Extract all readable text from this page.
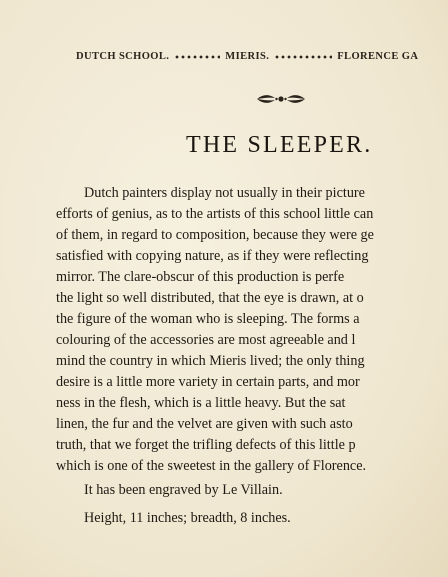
DUTCH SCHOOL.	MIERIS.	FLORENCE GA
THE SLEEPER.
Dutch painters display not usually in their picture
efforts of genius, as to the artists of this school little can
of them, in regard to composition, because they were ge
satisfied with copying nature, as if they were reflecting
mirror. The clare-obscur of this production is perfe
the light so well distributed, that the eye is drawn, at o
the figure of the woman who is sleeping. The forms a
colouring of the accessories are most agreeable and l
mind the country in which Mieris lived; the only thing
desire is a little more variety in certain parts, and mor
ness in the flesh, which is a little heavy. But the sat
linen, the fur and the velvet are given with such asto
truth, that we forget the trifling defects of this little p
which is one of the sweetest in the gallery of Florence.
It has been engraved by Le Villain.
Height, 11 inches; breadth, 8 inches.
